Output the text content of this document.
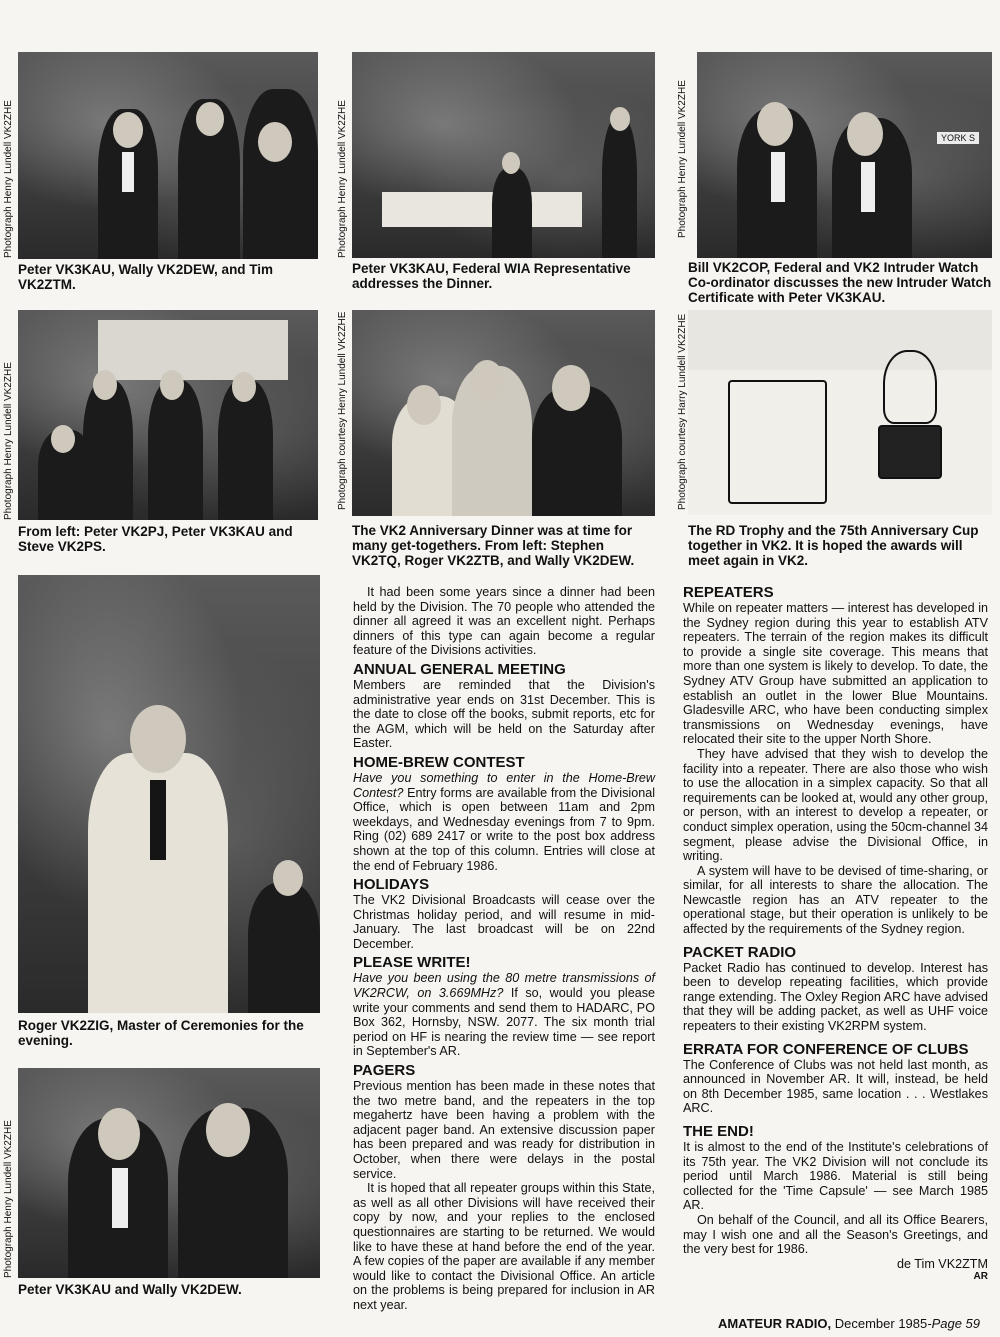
Photograph Henry Lundell VK2ZHE
Peter VK3KAU, Wally VK2DEW, and Tim VK2ZTM.
Photograph Henry Lundell VK2ZHE
Peter VK3KAU, Federal WIA Representative addresses the Dinner.
YORK S
Photograph Henry Lundell VK2ZHE
Bill VK2COP, Federal and VK2 Intruder Watch Co-ordinator discusses the new Intruder Watch Certificate with Peter VK3KAU.
Photograph Henry Lundell VK2ZHE
From left: Peter VK2PJ, Peter VK3KAU and Steve VK2PS.
Photograph courtesy Henry Lundell VK2ZHE
The VK2 Anniversary Dinner was at time for many get-togethers. From left: Stephen VK2TQ, Roger VK2ZTB, and Wally VK2DEW.
Photograph courtesy Harry Lundell VK2ZHE
The RD Trophy and the 75th Anniversary Cup together in VK2. It is hoped the awards will meet again in VK2.
Roger VK2ZIG, Master of Ceremonies for the evening.
Photograph Henry Lundell VK2ZHE
Peter VK3KAU and Wally VK2DEW.

It had been some years since a dinner had been held by the Division. The 70 people who attended the dinner all agreed it was an excellent night. Perhaps dinners of this type can again become a regular feature of the Divisions activities.

ANNUAL GENERAL MEETING

Members are reminded that the Division's administrative year ends on 31st December. This is the date to close off the books, submit reports, etc for the AGM, which will be held on the Saturday after Easter.

HOME-BREW CONTEST

Have you something to enter in the Home-Brew Contest? Entry forms are available from the Divisional Office, which is open between 11am and 2pm weekdays, and Wednesday evenings from 7 to 9pm. Ring (02) 689 2417 or write to the post box address shown at the top of this column. Entries will close at the end of February 1986.

HOLIDAYS

The VK2 Divisional Broadcasts will cease over the Christmas holiday period, and will resume in mid-January. The last broadcast will be on 22nd December.

PLEASE WRITE!

Have you been using the 80 metre transmissions of VK2RCW, on 3.669MHz? If so, would you please write your comments and send them to HADARC, PO Box 362, Hornsby, NSW. 2077. The six month trial period on HF is nearing the review time — see report in September's AR.

PAGERS

Previous mention has been made in these notes that the two metre band, and the repeaters in the top megahertz have been having a problem with the adjacent pager band. An extensive discussion paper has been prepared and was ready for distribution in October, when there were delays in the postal service.

It is hoped that all repeater groups within this State, as well as all other Divisions will have received their copy by now, and your replies to the enclosed questionnaires are starting to be returned. We would like to have these at hand before the end of the year. A few copies of the paper are available if any member would like to contact the Divisional Office. An article on the problems is being prepared for inclusion in AR next year.

REPEATERS

While on repeater matters — interest has developed in the Sydney region during this year to establish ATV repeaters. The terrain of the region makes its difficult to provide a single site coverage. This means that more than one system is likely to develop. To date, the Sydney ATV Group have submitted an application to establish an outlet in the lower Blue Mountains. Gladesville ARC, who have been conducting simplex transmissions on Wednesday evenings, have relocated their site to the upper North Shore.

They have advised that they wish to develop the facility into a repeater. There are also those who wish to use the allocation in a simplex capacity. So that all requirements can be looked at, would any other group, or person, with an interest to develop a repeater, or conduct simplex operation, using the 50cm-channel 34 segment, please advise the Divisional Office, in writing.

A system will have to be devised of time-sharing, or similar, for all interests to share the allocation. The Newcastle region has an ATV repeater to the operational stage, but their operation is unlikely to be affected by the requirements of the Sydney region.

PACKET RADIO

Packet Radio has continued to develop. Interest has been to develop repeating facilities, which provide range extending. The Oxley Region ARC have advised that they will be adding packet, as well as UHF voice repeaters to their existing VK2RPM system.

ERRATA FOR CONFERENCE OF CLUBS

The Conference of Clubs was not held last month, as announced in November AR. It will, instead, be held on 8th December 1985, same location . . . Westlakes ARC.

THE END!

It is almost to the end of the Institute's celebrations of its 75th year. The VK2 Division will not conclude its period until March 1986. Material is still being collected for the 'Time Capsule' — see March 1985 AR.

On behalf of the Council, and all its Office Bearers, may I wish one and all the Season's Greetings, and the very best for 1986.

de Tim VK2ZTM

AR

AMATEUR RADIO, December 1985-Page 59
